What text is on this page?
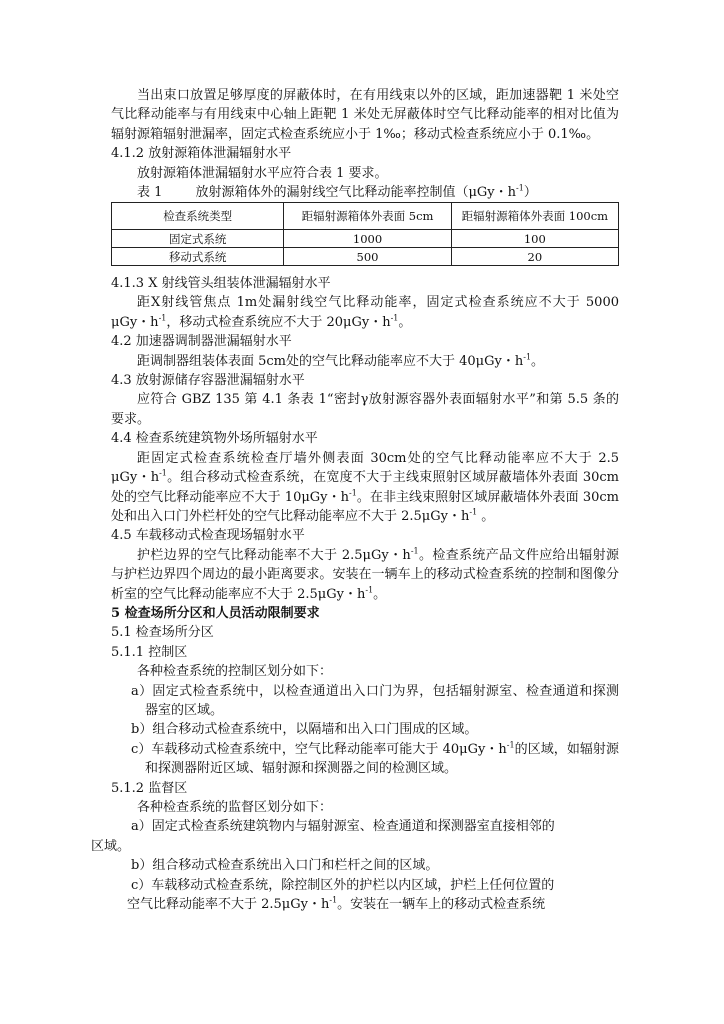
当出束口放置足够厚度的屏蔽体时，在有用线束以外的区域，距加速器靶 1 米处空气比释动能率与有用线束中心轴上距靶 1 米处无屏蔽体时空气比释动能率的相对比值为辐射源箱辐射泄漏率，固定式检查系统应小于 1‰；移动式检查系统应小于 0.1‰。

4.1.2 放射源箱体泄漏辐射水平

放射源箱体泄漏辐射水平应符合表 1 要求。

表 1	放射源箱体外的漏射线空气比释动能率控制值（μGy・$h^{-1}$）

检查系统类型	距辐射源箱体外表面 5cm	距辐射源箱体外表面 100cm
固定式系统	1000	100
移动式系统	500	20

4.1.3 X 射线管头组装体泄漏辐射水平

距X射线管焦点 1m处漏射线空气比释动能率，固定式检查系统应不大于 5000 μGy・$h^{-1}$，移动式检查系统应不大于 20μGy・$h^{-1}$。

4.2 加速器调制器泄漏辐射水平

距调制器组装体表面 5cm处的空气比释动能率应不大于 40μGy・$h^{-1}$。

4.3 放射源储存容器泄漏辐射水平

应符合 GBZ 135 第 4.1 条表 1“密封γ放射源容器外表面辐射水平”和第 5.5 条的要求。

4.4 检查系统建筑物外场所辐射水平

距固定式检查系统检查厅墙外侧表面 30cm处的空气比释动能率应不大于 2.5 μGy・$h^{-1}$。组合移动式检查系统，在宽度不大于主线束照射区域屏蔽墙体外表面 30cm处的空气比释动能率应不大于 10μGy・$h^{-1}$。在非主线束照射区域屏蔽墙体外表面 30cm处和出入口门外栏杆处的空气比释动能率应不大于 2.5μGy・$h^{-1}$ 。

4.5 车载移动式检查现场辐射水平

护栏边界的空气比释动能率不大于 2.5μGy・$h^{-1}$。检查系统产品文件应给出辐射源与护栏边界四个周边的最小距离要求。安装在一辆车上的移动式检查系统的控制和图像分析室的空气比释动能率应不大于 2.5μGy・$h^{-1}$。

5 检查场所分区和人员活动限制要求

5.1 检查场所分区

5.1.1 控制区

各种检查系统的控制区划分如下：

a）固定式检查系统中，以检查通道出入口门为界，包括辐射源室、检查通道和探测器室的区域。

b）组合移动式检查系统中，以隔墙和出入口门围成的区域。

c）车载移动式检查系统中，空气比释动能率可能大于 40μGy・$h^{-1}$的区域，如辐射源和探测器附近区域、辐射源和探测器之间的检测区域。

5.1.2 监督区

各种检查系统的监督区划分如下：

a）固定式检查系统建筑物内与辐射源室、检查通道和探测器室直接相邻的
区域。

b）组合移动式检查系统出入口门和栏杆之间的区域。

c）车载移动式检查系统，除控制区外的护栏以内区域，护栏上任何位置的
空气比释动能率不大于 2.5μGy・$h^{-1}$。安装在一辆车上的移动式检查系统
